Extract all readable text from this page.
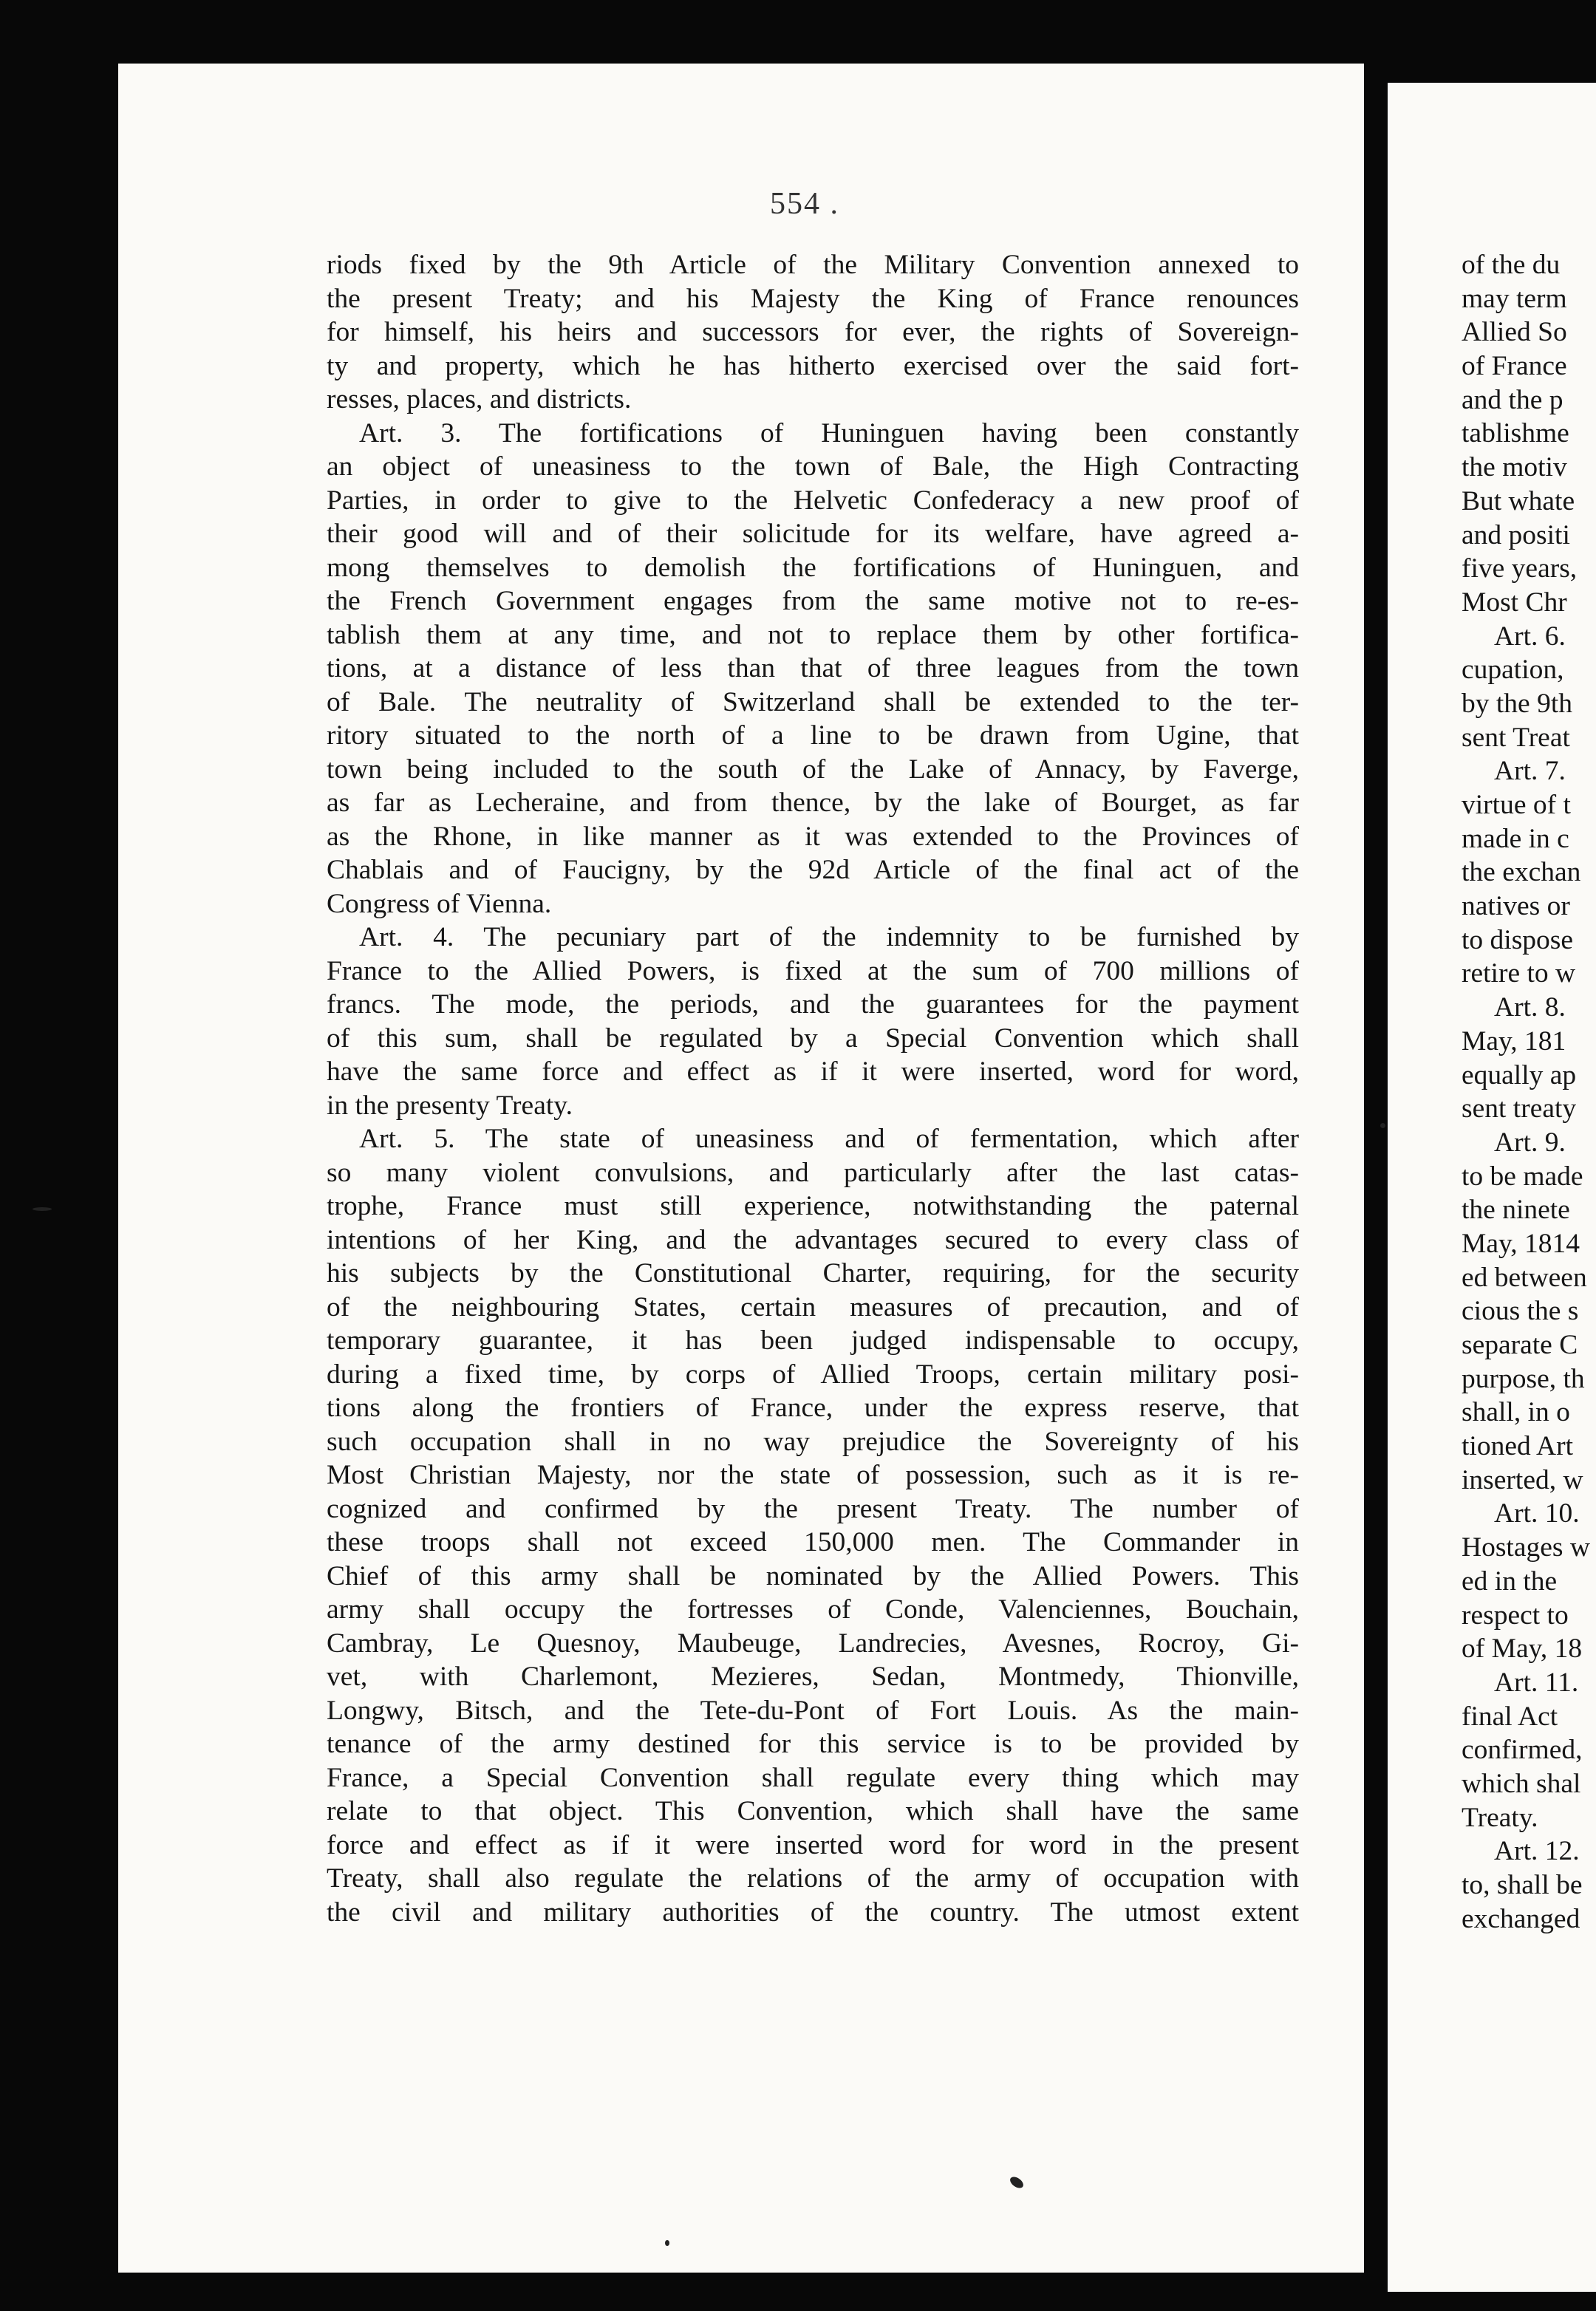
554 .
riods fixed by the 9th Article of the Military Convention annexed to
the present Treaty; and his Majesty the King of France renounces
for himself, his heirs and successors for ever, the rights of Sovereign-
ty and property, which he has hitherto exercised over the said fort-
resses, places, and districts.
Art. 3. The fortifications of Huninguen having been constantly
an object of uneasiness to the town of Bale, the High Contracting
Parties, in order to give to the Helvetic Confederacy a new proof of
their good will and of their solicitude for its welfare, have agreed a-
mong themselves to demolish the fortifications of Huninguen, and
the French Government engages from the same motive not to re-es-
tablish them at any time, and not to replace them by other fortifica-
tions, at a distance of less than that of three leagues from the town
of Bale. The neutrality of Switzerland shall be extended to the ter-
ritory situated to the north of a line to be drawn from Ugine, that
town being included to the south of the Lake of Annacy, by Faverge,
as far as Lecheraine, and from thence, by the lake of Bourget, as far
as the Rhone, in like manner as it was extended to the Provinces of
Chablais and of Faucigny, by the 92d Article of the final act of the
Congress of Vienna.
Art. 4. The pecuniary part of the indemnity to be furnished by
France to the Allied Powers, is fixed at the sum of 700 millions of
francs. The mode, the periods, and the guarantees for the payment
of this sum, shall be regulated by a Special Convention which shall
have the same force and effect as if it were inserted, word for word,
in the presenty Treaty.
Art. 5. The state of uneasiness and of fermentation, which after
so many violent convulsions, and particularly after the last catas-
trophe, France must still experience, notwithstanding the paternal
intentions of her King, and the advantages secured to every class of
his subjects by the Constitutional Charter, requiring, for the security
of the neighbouring States, certain measures of precaution, and of
temporary guarantee, it has been judged indispensable to occupy,
during a fixed time, by corps of Allied Troops, certain military posi-
tions along the frontiers of France, under the express reserve, that
such occupation shall in no way prejudice the Sovereignty of his
Most Christian Majesty, nor the state of possession, such as it is re-
cognized and confirmed by the present Treaty. The number of
these troops shall not exceed 150,000 men. The Commander in
Chief of this army shall be nominated by the Allied Powers. This
army shall occupy the fortresses of Conde, Valenciennes, Bouchain,
Cambray, Le Quesnoy, Maubeuge, Landrecies, Avesnes, Rocroy, Gi-
vet, with Charlemont, Mezieres, Sedan, Montmedy, Thionville,
Longwy, Bitsch, and the Tete-du-Pont of Fort Louis. As the main-
tenance of the army destined for this service is to be provided by
France, a Special Convention shall regulate every thing which may
relate to that object. This Convention, which shall have the same
force and effect as if it were inserted word for word in the present
Treaty, shall also regulate the relations of the army of occupation with
the civil and military authorities of the country. The utmost extent
of the du
may term
Allied So
of France
and the p
tablishme
the motiv
But whate
and positi
five years,
Most Chr
Art. 6.
cupation,
by the 9th
sent Treat
Art. 7.
virtue of t
made in c
the exchan
natives or
to dispose
retire to w
Art. 8.
May, 181
equally ap
sent treaty
Art. 9.
to be made
the ninete
May, 1814
ed between
cious the s
separate C
purpose, th
shall, in o
tioned Art
inserted, w
Art. 10.
Hostages w
ed in the
respect to
of May, 18
Art. 11.
final Act
confirmed,
which shal
Treaty.
Art. 12.
to, shall be
exchanged
